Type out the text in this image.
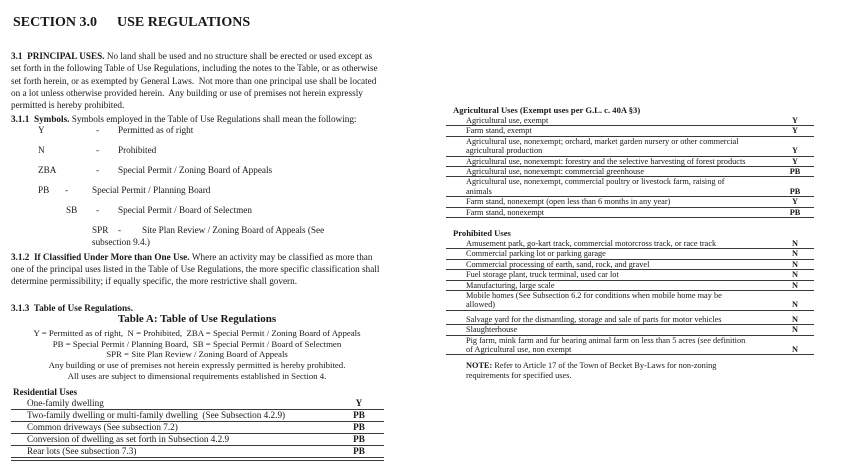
SECTION 3.0 USE REGULATIONS

3.1  PRINCIPAL USES. No land shall be used and no structure shall be erected or used except as set forth in the following Table of Use Regulations, including the notes to the Table, or as otherwise set forth herein, or as exempted by General Laws.  Not more than one principal use shall be located on a lot unless otherwise provided herein.  Any building or use of premises not herein expressly permitted is hereby prohibited.

3.1.1  Symbols. Symbols employed in the Table of Use Regulations shall mean the following:

Y	- Permitted as of right
N	- Prohibited
ZBA	- Special Permit / Zoning Board of Appeals
PB -	Special Permit / Planning Board
SB - Special Permit / Board of Selectmen
SPR - Site Plan Review / Zoning Board of Appeals (See subsection 9.4.)

3.1.2  If Classified Under More than One Use. Where an activity may be classified as more than one of the principal uses listed in the Table of Use Regulations, the more specific classification shall determine permissibility; if equally specific, the more restrictive shall govern.

3.1.3  Table of Use Regulations.

Table A: Table of Use Regulations
Y = Permitted as of right,  N = Prohibited,  ZBA = Special Permit / Zoning Board of Appeals
PB = Special Permit / Planning Board,  SB = Special Permit / Board of Selectmen
SPR = Site Plan Review / Zoning Board of Appeals
Any building or use of premises not herein expressly permitted is hereby prohibited.
All uses are subject to dimensional requirements established in Section 4.
Residential Uses
One-family dwelling	Y
Two-family dwelling or multi-family dwelling  (See Subsection 4.2.9)	PB
Common driveways (See subsection 7.2)	PB
Conversion of dwelling as set forth in Subsection 4.2.9	PB
Rear lots (See subsection 7.3)	PB
Agricultural Uses (Exempt uses per G.L. c. 40A §3)
Agricultural use, exempt	Y
Farm stand, exempt	Y
Agricultural use, nonexempt; orchard, market garden nursery or other commercial
agricultural production	Y
Agricultural use, nonexempt: forestry and the selective harvesting of forest products	Y
Agricultural use, nonexempt: commercial greenhouse	PB
Agricultural use, nonexempt, commercial poultry or livestock farm, raising of
animals	PB
Farm stand, nonexempt (open less than 6 months in any year)	Y
Farm stand, nonexempt	PB
Prohibited Uses
Amusement park, go-kart track, commercial motorcross track, or race track	N
Commercial parking lot or parking garage	N
Commercial processing of earth, sand, rock, and gravel	N
Fuel storage plant, truck terminal, used car lot	N
Manufacturing, large scale	N
Mobile homes (See Subsection 6.2 for conditions when mobile home may be
allowed)	N
Salvage yard for the dismantling, storage and sale of parts for motor vehicles	N
Slaughterhouse	N
Pig farm, mink farm and fur bearing animal farm on less than 5 acres (see definition
of Agricultural use, non exempt	N
NOTE: Refer to Article 17 of the Town of Becket By-Laws for non-zoning
requirements for specified uses.
